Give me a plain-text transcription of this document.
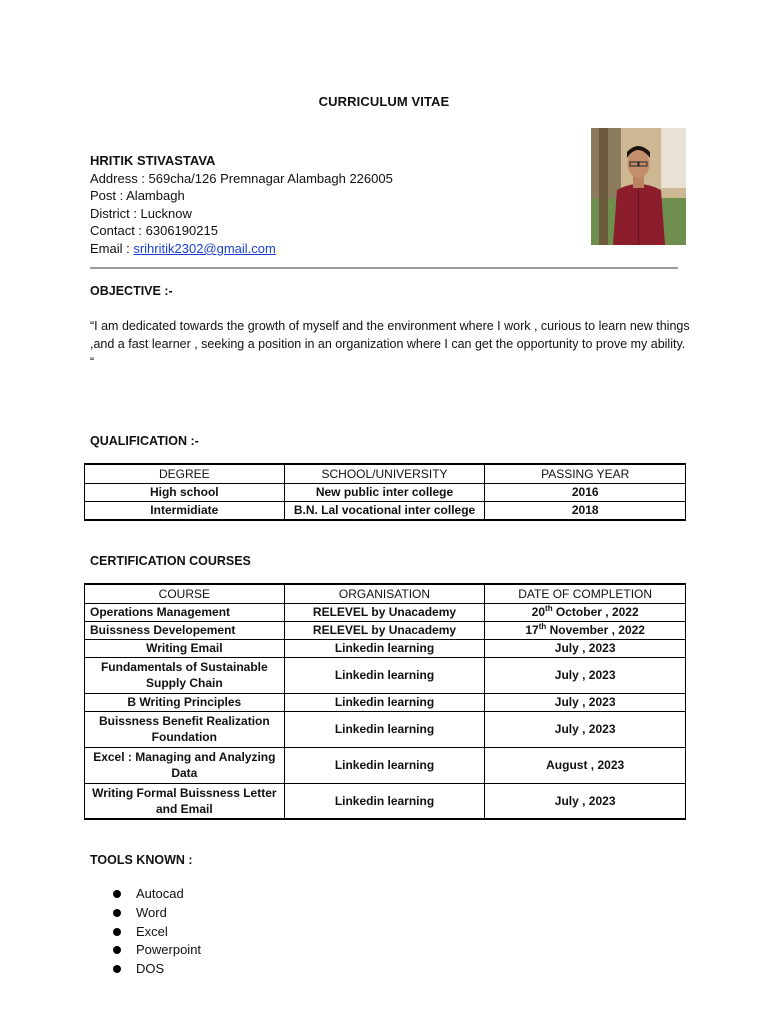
CURRICULUM VITAE
HRITIK STIVASTAVA
Address : 569cha/126 Premnagar Alambagh 226005
Post : Alambagh
District : Lucknow
Contact : 6306190215
Email : srihritik2302@gmail.com
OBJECTIVE :-
“I am dedicated towards the growth of myself and the environment where I work , curious to learn new things ,and a fast learner , seeking a position in an organization where I can get the opportunity to prove my ability. “
QUALIFICATION :-
DEGREE	SCHOOL/UNIVERSITY	PASSING YEAR
High school	New public inter college	2016
Intermidiate	B.N. Lal vocational inter college	2018
CERTIFICATION COURSES
COURSE	ORGANISATION	DATE OF COMPLETION
Operations Management	RELEVEL by Unacademy	20th October , 2022
Buissness Developement	RELEVEL by Unacademy	17th November , 2022
Writing Email	Linkedin learning	July , 2023
Fundamentals of Sustainable Supply Chain	Linkedin learning	July , 2023
B Writing Principles	Linkedin learning	July , 2023
Buissness Benefit Realization Foundation	Linkedin learning	July , 2023
Excel : Managing and Analyzing Data	Linkedin learning	August , 2023
Writing Formal Buissness Letter and Email	Linkedin learning	July , 2023
TOOLS KNOWN :
Autocad
Word
Excel
Powerpoint
DOS
